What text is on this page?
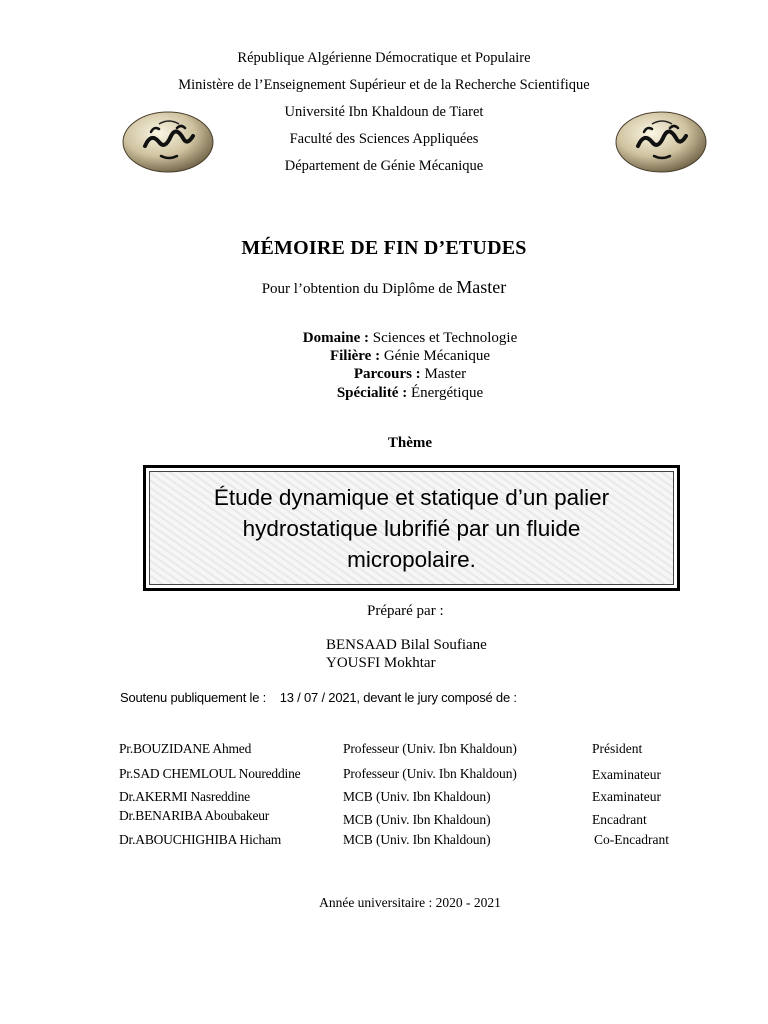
République Algérienne Démocratique et Populaire
Ministère de l’Enseignement Supérieur et de la Recherche Scientifique
Université Ibn Khaldoun de Tiaret
Faculté des Sciences Appliquées
Département de Génie Mécanique
MÉMOIRE DE FIN D’ETUDES
Pour l’obtention du Diplôme de Master
Domaine : Sciences et Technologie
Filière : Génie Mécanique
Parcours : Master
Spécialité : Énergétique
Thème
Étude dynamique et statique d’un palier
hydrostatique lubrifié par un fluide
micropolaire.
Préparé par :
BENSAAD Bilal Soufiane
YOUSFI Mokhtar
Soutenu publiquement le :    13 / 07 / 2021, devant le jury composé de :
Pr.BOUZIDANE Ahmed	Professeur (Univ. Ibn Khaldoun)	Président
Pr.SAD CHEMLOUL Noureddine	Professeur (Univ. Ibn Khaldoun)	Examinateur
Dr.AKERMI Nasreddine	MCB (Univ. Ibn Khaldoun)	Examinateur
Dr.BENARIBA Aboubakeur	MCB (Univ. Ibn Khaldoun)	Encadrant
Dr.ABOUCHIGHIBA Hicham	MCB (Univ. Ibn Khaldoun)	Co-Encadrant
Année universitaire : 2020 - 2021
